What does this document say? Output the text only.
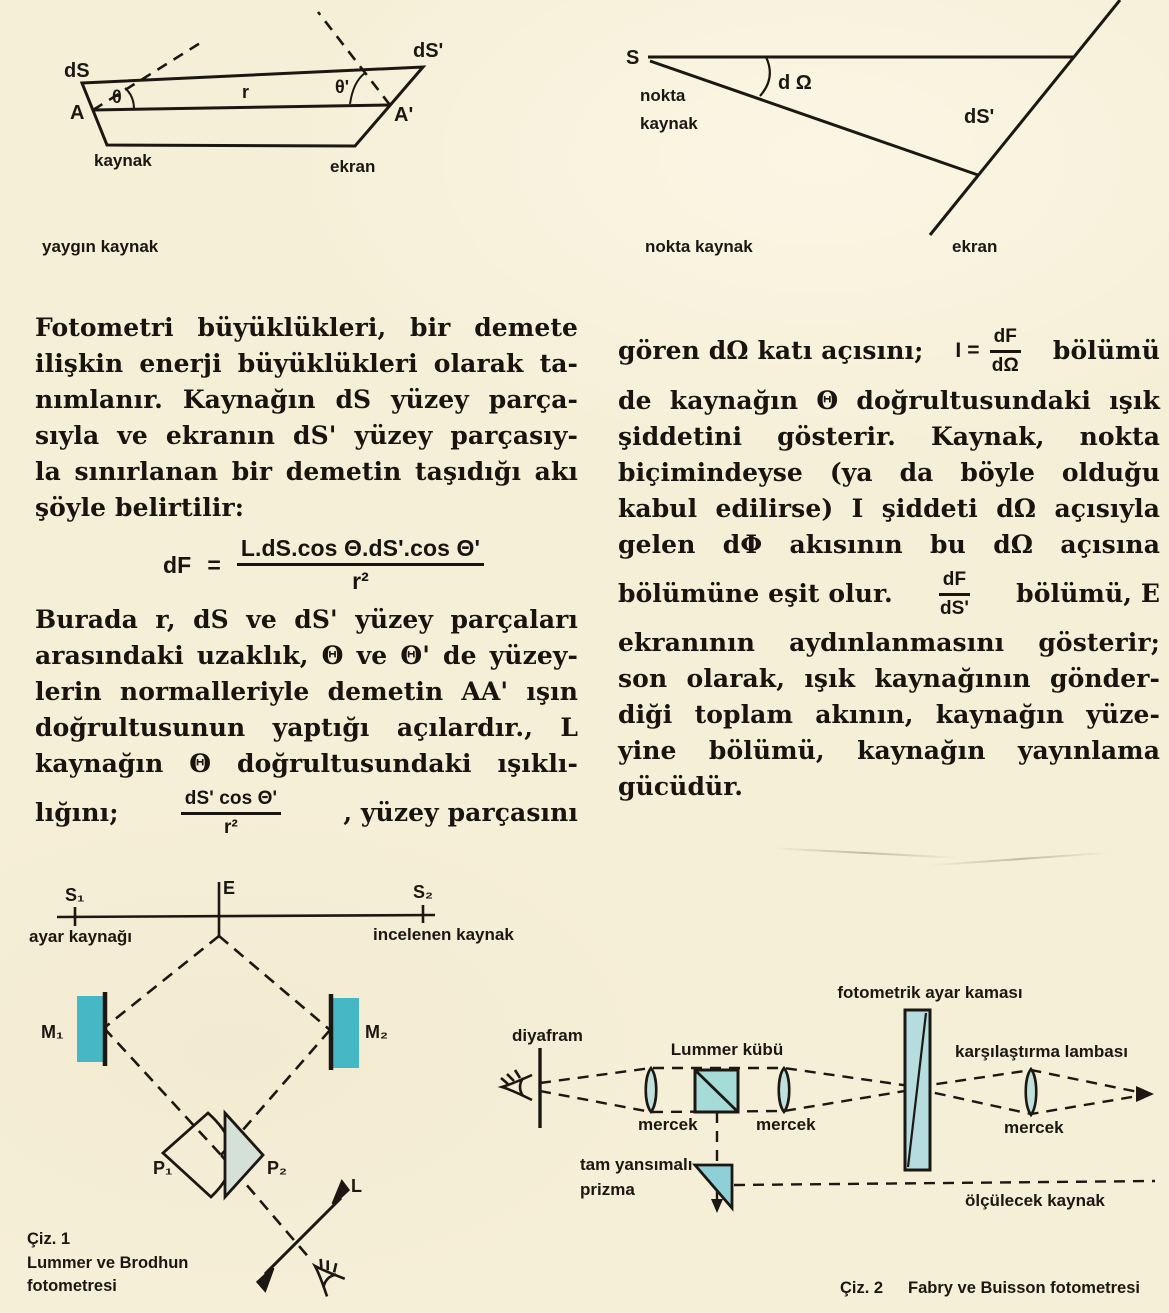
dS
dS'
A	A'
θ	θ'
r
kaynak	ekran
yaygın kaynak
S
nokta
kaynak
d Ω
dS'
nokta kaynak	ekran
Fotometri büyüklükleri, bir demete
ilişkin enerji büyüklükleri olarak ta-
nımlanır. Kaynağın dS yüzey parça-
sıyla ve ekranın dS' yüzey parçasıy-
la sınırlanan bir demetin taşıdığı akı
şöyle belirtilir:
dF = $\frac{\text{L.dS.cos Θ.dS'.cos Θ'}}{\text{r²}}$
Burada r, dS ve dS' yüzey parçaları
arasındaki uzaklık, Θ ve Θ' de yüzey-
lerin normalleriyle demetin AA' ışın
doğrultusunun yaptığı açılardır., L
kaynağın Θ doğrultusundaki ışıklı-
lığını;	$\frac{\text{dS' cos Θ'}}{\text{r²}}$ , yüzey parçasını
gören dΩ katı açısını; $I = \frac{dF}{d\Omega}$ bölümü
de kaynağın Θ doğrultusundaki ışık
şiddetini gösterir. Kaynak, nokta
biçimindeyse (ya da böyle olduğu
kabul edilirse) I şiddeti dΩ açısıyla
gelen dΦ akısının bu dΩ açısına
bölümüne eşit olur. $\frac{dF}{dS'}$ bölümü, E
ekranının aydınlanmasını gösterir;
son olarak, ışık kaynağının gönder-
diği toplam akının, kaynağın yüze-
yine bölümü, kaynağın yayınlama
gücüdür.
S₁	E	S₂
ayar kaynağı	incelenen kaynak
M₁	M₂
P₁	P₂
L
Çiz. 1
Lummer ve Brodhun
fotometresi
fotometrik ayar kaması
diyafram
Lummer kübü	karşılaştırma lambası
mercek	mercek	mercek
tam yansımalı
prizma
ölçülecek kaynak
Çiz. 2 Fabry ve Buisson fotometresi
